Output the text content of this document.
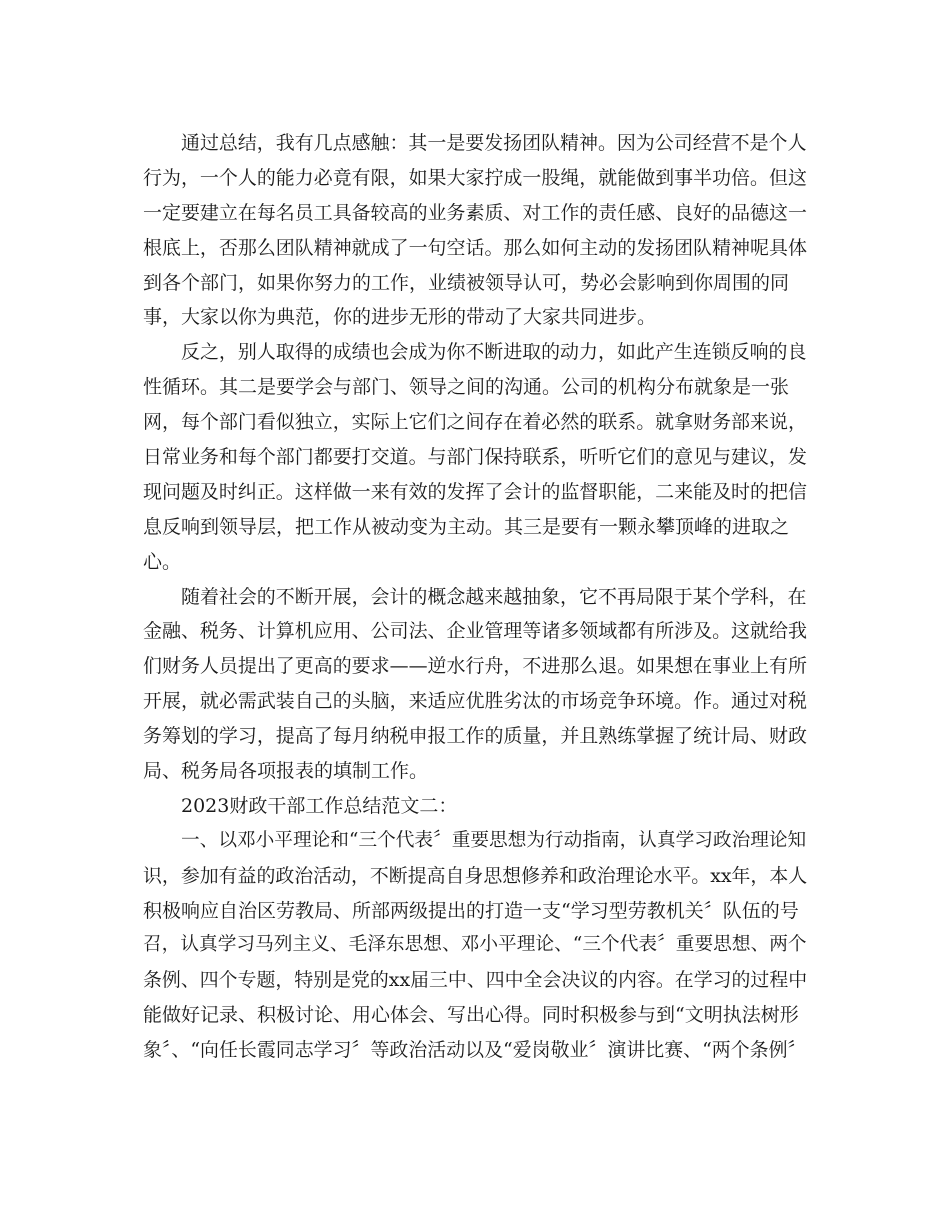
通过总结，我有几点感触：其一是要发扬团队精神。因为公司经营不是个人
行为，一个人的能力必竟有限，如果大家拧成一股绳，就能做到事半功倍。但这
一定要建立在每名员工具备较高的业务素质、对工作的责任感、良好的品德这一
根底上，否那么团队精神就成了一句空话。那么如何主动的发扬团队精神呢具体
到各个部门，如果你努力的工作，业绩被领导认可，势必会影响到你周围的同
事，大家以你为典范，你的进步无形的带动了大家共同进步。
反之，别人取得的成绩也会成为你不断进取的动力，如此产生连锁反响的良
性循环。其二是要学会与部门、领导之间的沟通。公司的机构分布就象是一张
网，每个部门看似独立，实际上它们之间存在着必然的联系。就拿财务部来说，
日常业务和每个部门都要打交道。与部门保持联系，听听它们的意见与建议，发
现问题及时纠正。这样做一来有效的发挥了会计的监督职能，二来能及时的把信
息反响到领导层，把工作从被动变为主动。其三是要有一颗永攀顶峰的进取之
心。
随着社会的不断开展，会计的概念越来越抽象，它不再局限于某个学科，在
金融、税务、计算机应用、公司法、企业管理等诸多领域都有所涉及。这就给我
们财务人员提出了更高的要求——逆水行舟，不进那么退。如果想在事业上有所
开展，就必需武装自己的头脑，来适应优胜劣汰的市场竞争环境。作。通过对税
务筹划的学习，提高了每月纳税申报工作的质量，并且熟练掌握了统计局、财政
局、税务局各项报表的填制工作。
2023财政干部工作总结范文二：
一、以邓小平理论和“三个代表〞重要思想为行动指南，认真学习政治理论知
识，参加有益的政治活动，不断提高自身思想修养和政治理论水平。xx年，本人
积极响应自治区劳教局、所部两级提出的打造一支“学习型劳教机关〞队伍的号
召，认真学习马列主义、毛泽东思想、邓小平理论、“三个代表〞重要思想、两个
条例、四个专题，特别是党的xx届三中、四中全会决议的内容。在学习的过程中
能做好记录、积极讨论、用心体会、写出心得。同时积极参与到“文明执法树形
象〞、“向任长霞同志学习〞等政治活动以及“爱岗敬业〞演讲比赛、“两个条例〞
